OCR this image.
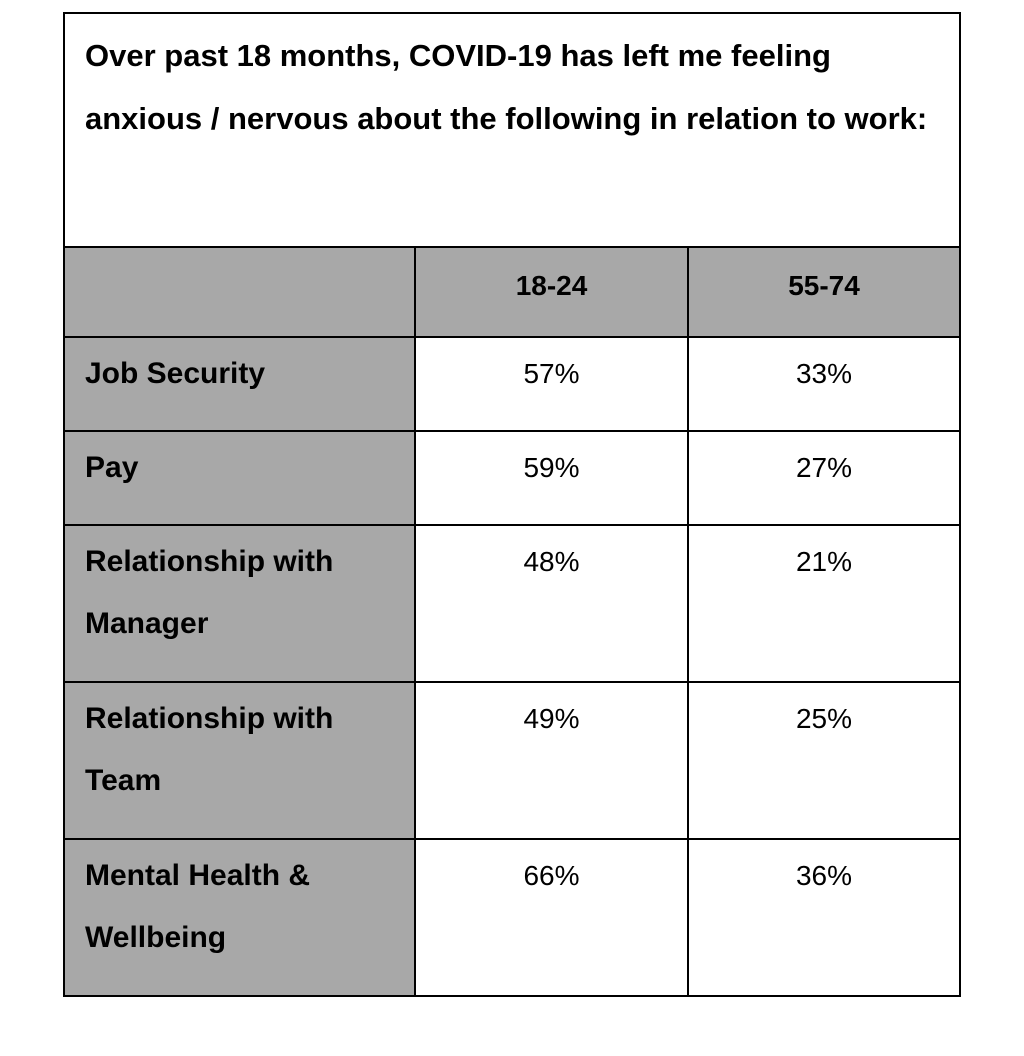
Over past 18 months, COVID-19 has left me feeling anxious / nervous about the following in relation to work:		

	18-24	55-74
Job Security	57%	33%
Pay	59%	27%
Relationship with Manager	48%	21%
Relationship with Team	49%	25%
Mental Health & Wellbeing	66%	36%
